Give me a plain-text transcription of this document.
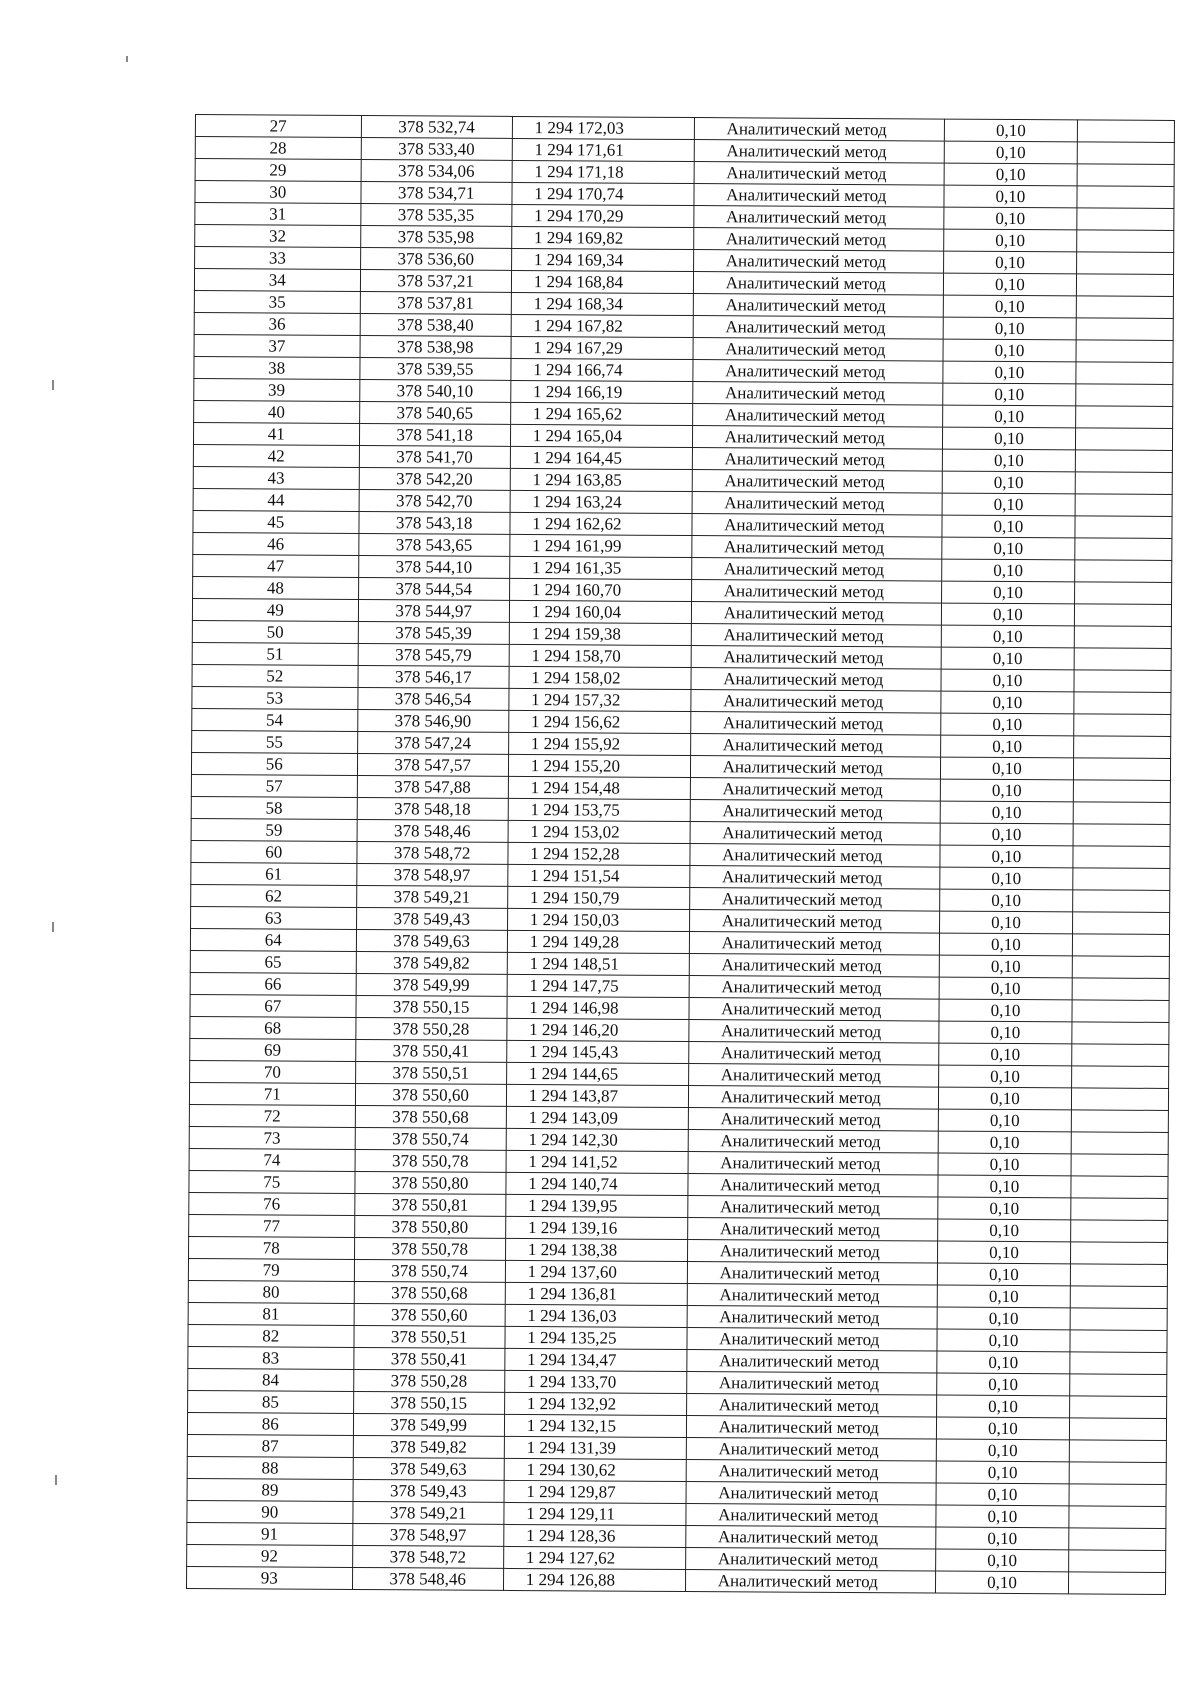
27	378 532,74	1 294 172,03	Аналитический метод	0,10	
28	378 533,40	1 294 171,61	Аналитический метод	0,10	
29	378 534,06	1 294 171,18	Аналитический метод	0,10	
30	378 534,71	1 294 170,74	Аналитический метод	0,10	
31	378 535,35	1 294 170,29	Аналитический метод	0,10	
32	378 535,98	1 294 169,82	Аналитический метод	0,10	
33	378 536,60	1 294 169,34	Аналитический метод	0,10	
34	378 537,21	1 294 168,84	Аналитический метод	0,10	
35	378 537,81	1 294 168,34	Аналитический метод	0,10	
36	378 538,40	1 294 167,82	Аналитический метод	0,10	
37	378 538,98	1 294 167,29	Аналитический метод	0,10	
38	378 539,55	1 294 166,74	Аналитический метод	0,10	
39	378 540,10	1 294 166,19	Аналитический метод	0,10	
40	378 540,65	1 294 165,62	Аналитический метод	0,10	
41	378 541,18	1 294 165,04	Аналитический метод	0,10	
42	378 541,70	1 294 164,45	Аналитический метод	0,10	
43	378 542,20	1 294 163,85	Аналитический метод	0,10	
44	378 542,70	1 294 163,24	Аналитический метод	0,10	
45	378 543,18	1 294 162,62	Аналитический метод	0,10	
46	378 543,65	1 294 161,99	Аналитический метод	0,10	
47	378 544,10	1 294 161,35	Аналитический метод	0,10	
48	378 544,54	1 294 160,70	Аналитический метод	0,10	
49	378 544,97	1 294 160,04	Аналитический метод	0,10	
50	378 545,39	1 294 159,38	Аналитический метод	0,10	
51	378 545,79	1 294 158,70	Аналитический метод	0,10	
52	378 546,17	1 294 158,02	Аналитический метод	0,10	
53	378 546,54	1 294 157,32	Аналитический метод	0,10	
54	378 546,90	1 294 156,62	Аналитический метод	0,10	
55	378 547,24	1 294 155,92	Аналитический метод	0,10	
56	378 547,57	1 294 155,20	Аналитический метод	0,10	
57	378 547,88	1 294 154,48	Аналитический метод	0,10	
58	378 548,18	1 294 153,75	Аналитический метод	0,10	
59	378 548,46	1 294 153,02	Аналитический метод	0,10	
60	378 548,72	1 294 152,28	Аналитический метод	0,10	
61	378 548,97	1 294 151,54	Аналитический метод	0,10	
62	378 549,21	1 294 150,79	Аналитический метод	0,10	
63	378 549,43	1 294 150,03	Аналитический метод	0,10	
64	378 549,63	1 294 149,28	Аналитический метод	0,10	
65	378 549,82	1 294 148,51	Аналитический метод	0,10	
66	378 549,99	1 294 147,75	Аналитический метод	0,10	
67	378 550,15	1 294 146,98	Аналитический метод	0,10	
68	378 550,28	1 294 146,20	Аналитический метод	0,10	
69	378 550,41	1 294 145,43	Аналитический метод	0,10	
70	378 550,51	1 294 144,65	Аналитический метод	0,10	
71	378 550,60	1 294 143,87	Аналитический метод	0,10	
72	378 550,68	1 294 143,09	Аналитический метод	0,10	
73	378 550,74	1 294 142,30	Аналитический метод	0,10	
74	378 550,78	1 294 141,52	Аналитический метод	0,10	
75	378 550,80	1 294 140,74	Аналитический метод	0,10	
76	378 550,81	1 294 139,95	Аналитический метод	0,10	
77	378 550,80	1 294 139,16	Аналитический метод	0,10	
78	378 550,78	1 294 138,38	Аналитический метод	0,10	
79	378 550,74	1 294 137,60	Аналитический метод	0,10	
80	378 550,68	1 294 136,81	Аналитический метод	0,10	
81	378 550,60	1 294 136,03	Аналитический метод	0,10	
82	378 550,51	1 294 135,25	Аналитический метод	0,10	
83	378 550,41	1 294 134,47	Аналитический метод	0,10	
84	378 550,28	1 294 133,70	Аналитический метод	0,10	
85	378 550,15	1 294 132,92	Аналитический метод	0,10	
86	378 549,99	1 294 132,15	Аналитический метод	0,10	
87	378 549,82	1 294 131,39	Аналитический метод	0,10	
88	378 549,63	1 294 130,62	Аналитический метод	0,10	
89	378 549,43	1 294 129,87	Аналитический метод	0,10	
90	378 549,21	1 294 129,11	Аналитический метод	0,10	
91	378 548,97	1 294 128,36	Аналитический метод	0,10	
92	378 548,72	1 294 127,62	Аналитический метод	0,10	
93	378 548,46	1 294 126,88	Аналитический метод	0,10	
